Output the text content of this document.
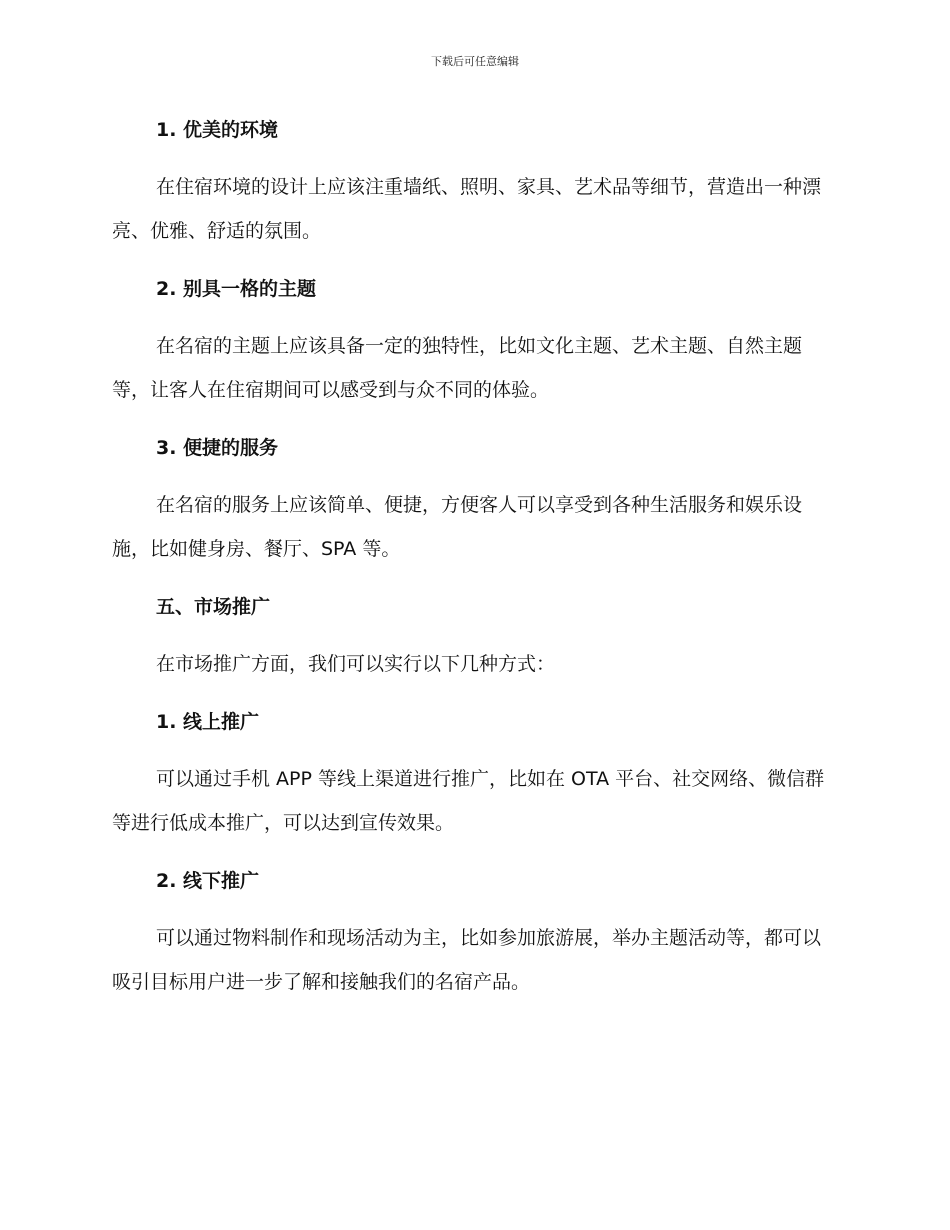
下载后可任意编辑
1. 优美的环境
在住宿环境的设计上应该注重墙纸、照明、家具、艺术品等细节，营造出一种漂亮、优雅、舒适的氛围。
2. 别具一格的主题
在名宿的主题上应该具备一定的独特性，比如文化主题、艺术主题、自然主题等，让客人在住宿期间可以感受到与众不同的体验。
3. 便捷的服务
在名宿的服务上应该简单、便捷，方便客人可以享受到各种生活服务和娱乐设施，比如健身房、餐厅、SPA 等。
五、市场推广
在市场推广方面，我们可以实行以下几种方式：
1. 线上推广
可以通过手机 APP 等线上渠道进行推广，比如在 OTA 平台、社交网络、微信群等进行低成本推广，可以达到宣传效果。
2. 线下推广
可以通过物料制作和现场活动为主，比如参加旅游展，举办主题活动等，都可以吸引目标用户进一步了解和接触我们的名宿产品。
